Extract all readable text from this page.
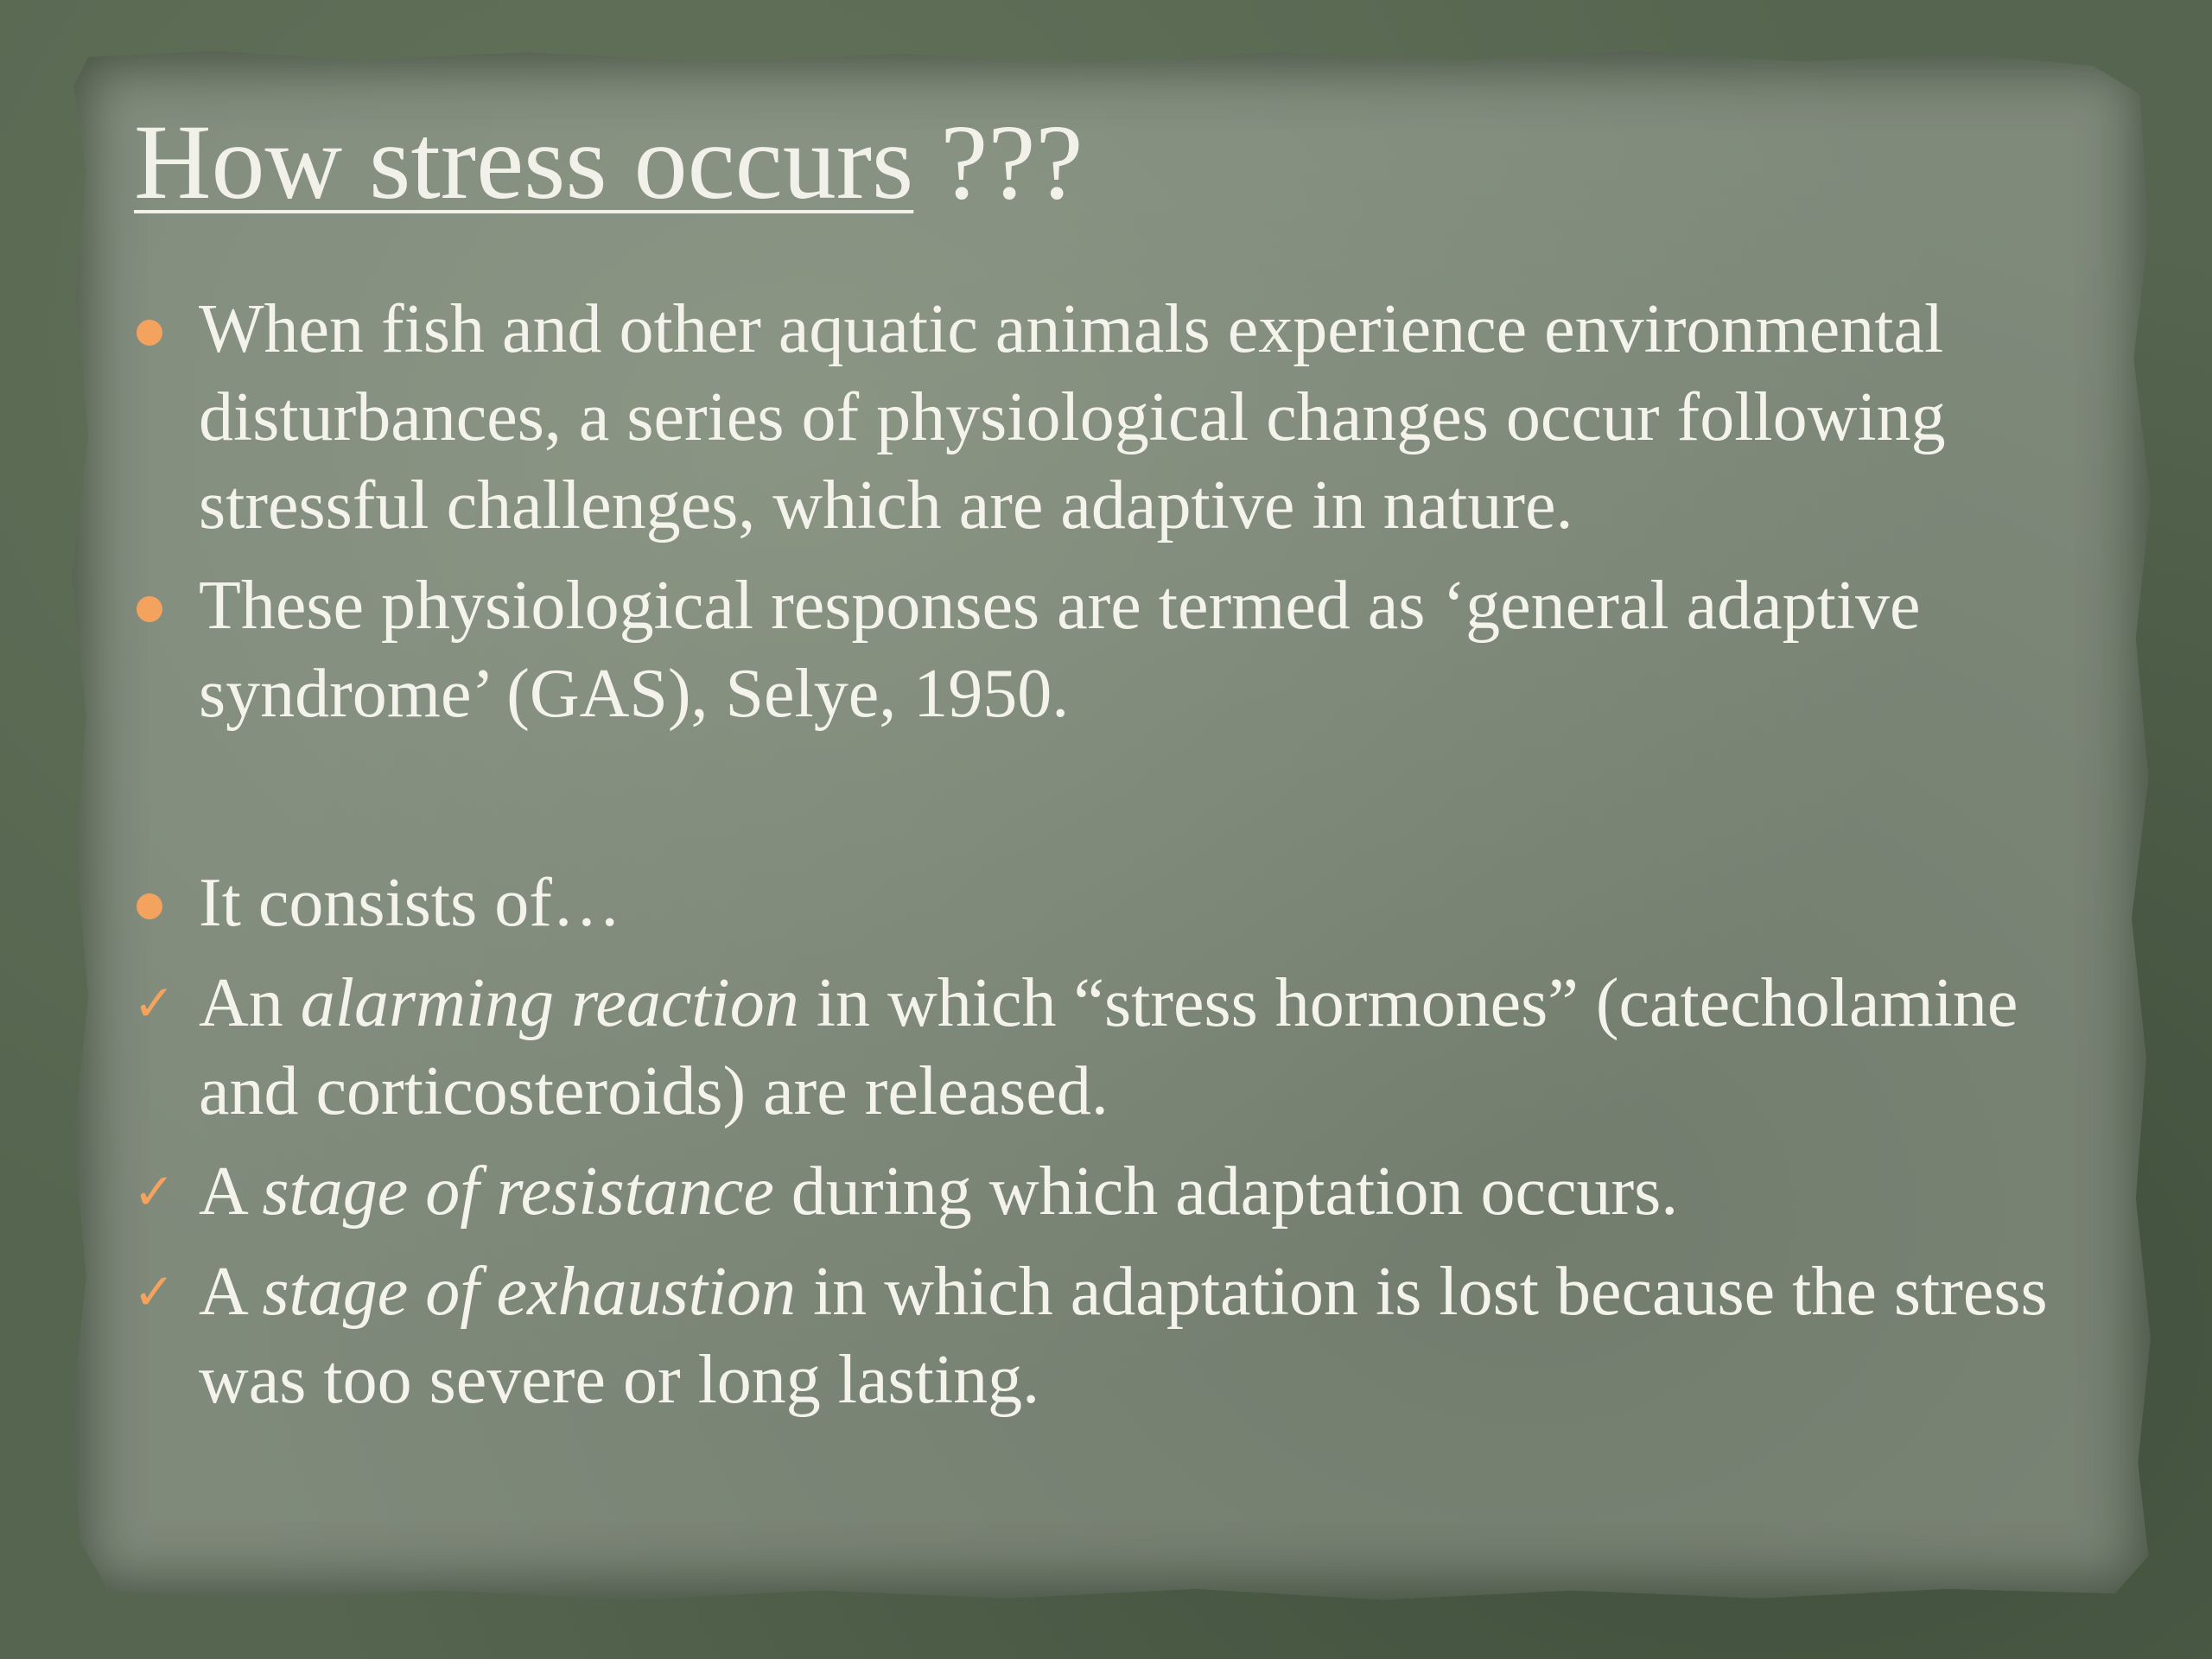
How stress occurs ???
When fish and other aquatic animals experience environmental disturbances, a series of physiological changes occur following stressful challenges, which are adaptive in nature.
These physiological responses are termed as ‘general adaptive syndrome’ (GAS), Selye, 1950.
It consists of…
✓ An alarming reaction in which “stress hormones” (catecholamine and corticosteroids) are released.
✓ A stage of resistance during which adaptation occurs.
✓ A stage of exhaustion in which adaptation is lost because the stress was too severe or long lasting.
